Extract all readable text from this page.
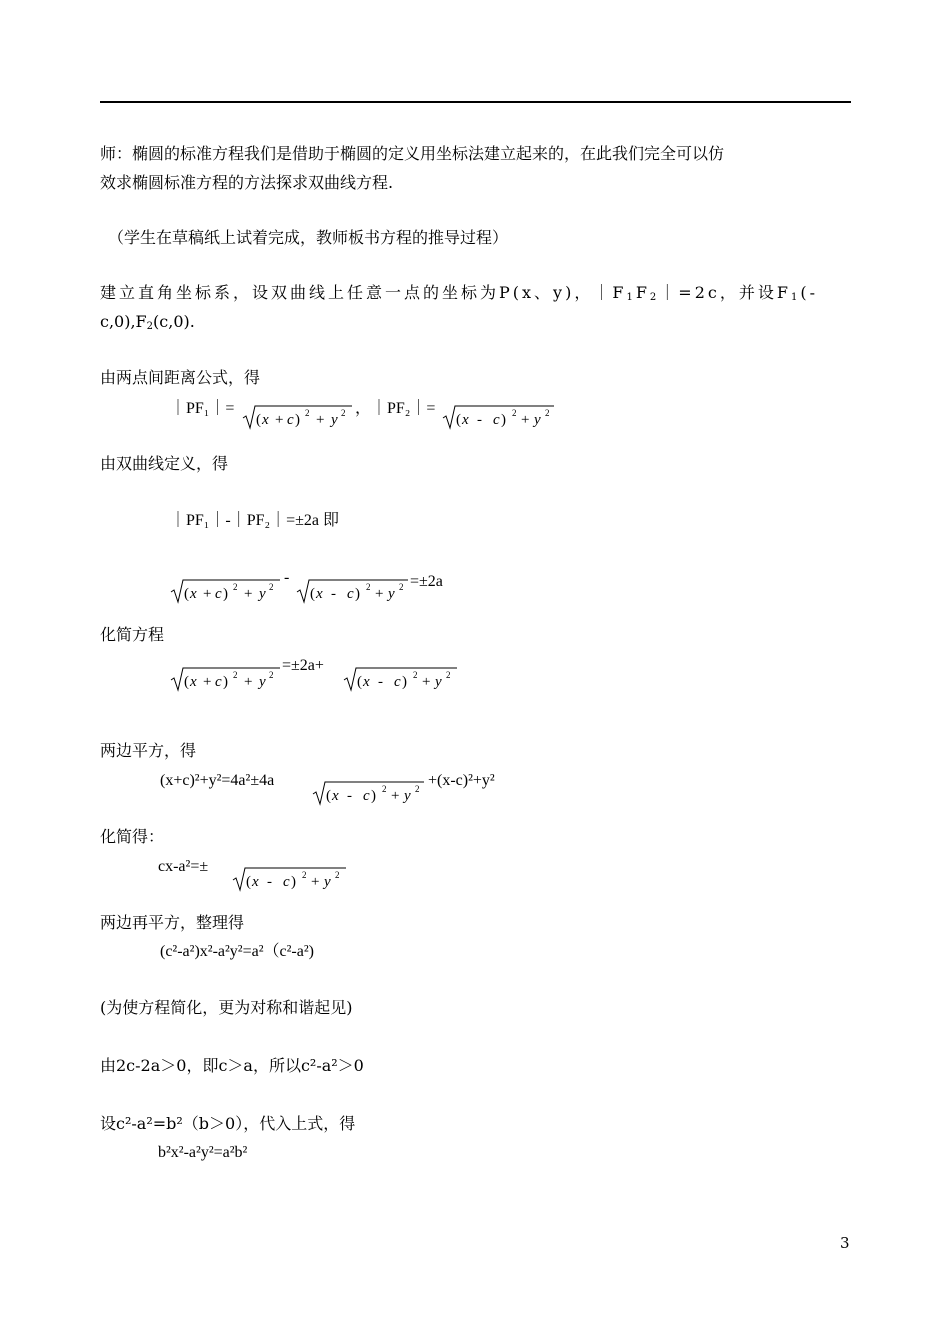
师：椭圆的标准方程我们是借助于椭圆的定义用坐标法建立起来的，在此我们完全可以仿
效求椭圆标准方程的方法探求双曲线方程.
（学生在草稿纸上试着完成，教师板书方程的推导过程）
建立直角坐标系，设双曲线上任意一点的坐标为P(x、y)，$|F_1F_2|=2c$，并设$F_1(-$
$c,0),F_2(c,0)$.
由两点间距离公式，得
｜PF₁｜=
( x + c ) 2 + y 2 ，｜PF₂｜=
( x - c ) 2 + y 2
由双曲线定义，得
｜PF₁｜-｜PF₂｜=±2a 即
( x + c ) 2 + y 2
-
( x - c ) 2 + y 2 =±2a
化简方程
( x + c ) 2 + y 2
=±2a+
( x - c ) 2 + y 2
两边平方，得
(x+c)²+y²=4a²±4a
( x - c ) 2 + y 2 +(x-c)²+y²
化简得：
cx-a²=±
( x - c ) 2 + y 2
两边再平方，整理得
(c²-a²)x²-a²y²=a²（c²-a²)
(为使方程简化，更为对称和谐起见)
由2c-2a＞0，即c＞a，所以c²-a²＞0
设c²-a²=b²（b＞0），代入上式，得
b²x²-a²y²=a²b²
3
